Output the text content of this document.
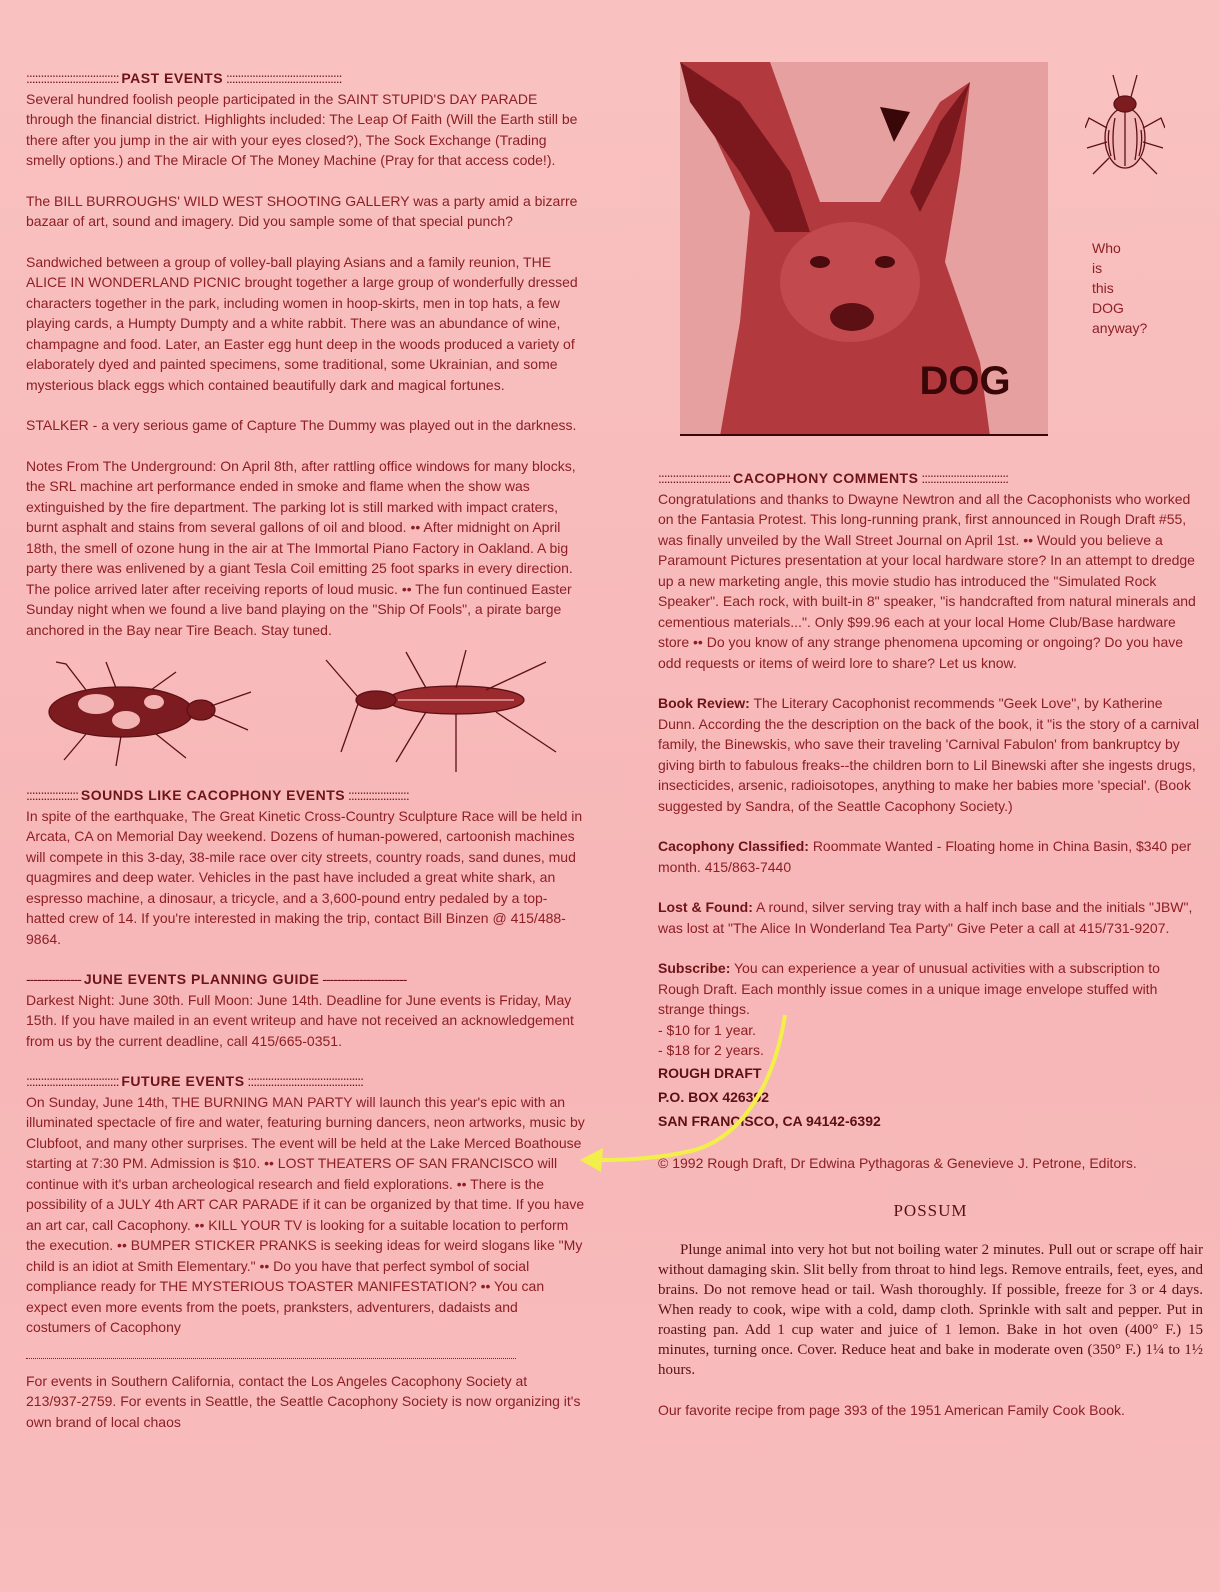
:::::::::::::::::::::::::::::::: PAST EVENTS ::::::::::::::::::::::::::::::::::::::::

Several hundred foolish people participated in the SAINT STUPID'S DAY PARADE through the financial district. Highlights included: The Leap Of Faith (Will the Earth still be there after you jump in the air with your eyes closed?), The Sock Exchange (Trading smelly options.) and The Miracle Of The Money Machine (Pray for that access code!).

The BILL BURROUGHS' WILD WEST SHOOTING GALLERY was a party amid a bizarre bazaar of art, sound and imagery. Did you sample some of that special punch?

Sandwiched between a group of volley-ball playing Asians and a family reunion, THE ALICE IN WONDERLAND PICNIC brought together a large group of wonderfully dressed characters together in the park, including women in hoop-skirts, men in top hats, a few playing cards, a Humpty Dumpty and a white rabbit. There was an abundance of wine, champagne and food. Later, an Easter egg hunt deep in the woods produced a variety of elaborately dyed and painted specimens, some traditional, some Ukrainian, and some mysterious black eggs which contained beautifully dark and magical fortunes.

STALKER - a very serious game of Capture The Dummy was played out in the darkness.

Notes From The Underground: On April 8th, after rattling office windows for many blocks, the SRL machine art performance ended in smoke and flame when the show was extinguished by the fire department. The parking lot is still marked with impact craters, burnt asphalt and stains from several gallons of oil and blood. •• After midnight on April 18th, the smell of ozone hung in the air at The Immortal Piano Factory in Oakland. A big party there was enlivened by a giant Tesla Coil emitting 25 foot sparks in every direction. The police arrived later after receiving reports of loud music. •• The fun continued Easter Sunday night when we found a live band playing on the "Ship Of Fools", a pirate barge anchored in the Bay near Tire Beach. Stay tuned.

:::::::::::::::::: SOUNDS LIKE CACOPHONY EVENTS :::::::::::::::::::::

In spite of the earthquake, The Great Kinetic Cross-Country Sculpture Race will be held in Arcata, CA on Memorial Day weekend. Dozens of human-powered, cartoonish machines will compete in this 3-day, 38-mile race over city streets, country roads, sand dunes, mud quagmires and deep water. Vehicles in the past have included a great white shark, an espresso machine, a dinosaur, a tricycle, and a 3,600-pound entry pedaled by a top-hatted crew of 14. If you're interested in making the trip, contact Bill Binzen @ 415/488-9864.

--------------- JUNE EVENTS PLANNING GUIDE -----------------------

Darkest Night: June 30th. Full Moon: June 14th. Deadline for June events is Friday, May 15th. If you have mailed in an event writeup and have not received an acknowledgement from us by the current deadline, call 415/665-0351.

:::::::::::::::::::::::::::::::: FUTURE EVENTS ::::::::::::::::::::::::::::::::::::::::

On Sunday, June 14th, THE BURNING MAN PARTY will launch this year's epic with an illuminated spectacle of fire and water, featuring burning dancers, neon artworks, music by Clubfoot, and many other surprises. The event will be held at the Lake Merced Boathouse starting at 7:30 PM. Admission is $10. •• LOST THEATERS OF SAN FRANCISCO will continue with it's urban archeological research and field explorations. •• There is the possibility of a JULY 4th ART CAR PARADE if it can be organized by that time. If you have an art car, call Cacophony. •• KILL YOUR TV is looking for a suitable location to perform the execution. •• BUMPER STICKER PRANKS is seeking ideas for weird slogans like "My child is an idiot at Smith Elementary." •• Do you have that perfect symbol of social compliance ready for THE MYSTERIOUS TOASTER MANIFESTATION? •• You can expect even more events from the poets, pranksters, adventurers, dadaists and costumers of Cacophony

For events in Southern California, contact the Los Angeles Cacophony Society at 213/937-2759. For events in Seattle, the Seattle Cacophony Society is now organizing it's own brand of local chaos

DOG
Who
is
this
DOG
anyway?
::::::::::::::::::::::::: CACOPHONY COMMENTS ::::::::::::::::::::::::::::::

Congratulations and thanks to Dwayne Newtron and all the Cacophonists who worked on the Fantasia Protest. This long-running prank, first announced in Rough Draft #55, was finally unveiled by the Wall Street Journal on April 1st. •• Would you believe a Paramount Pictures presentation at your local hardware store? In an attempt to dredge up a new marketing angle, this movie studio has introduced the "Simulated Rock Speaker". Each rock, with built-in 8" speaker, "is handcrafted from natural minerals and cementious materials...". Only $99.96 each at your local Home Club/Base hardware store •• Do you know of any strange phenomena upcoming or ongoing? Do you have odd requests or items of weird lore to share? Let us know.

Book Review: The Literary Cacophonist recommends "Geek Love", by Katherine Dunn. According the the description on the back of the book, it "is the story of a carnival family, the Binewskis, who save their traveling 'Carnival Fabulon' from bankruptcy by giving birth to fabulous freaks--the children born to Lil Binewski after she ingests drugs, insecticides, arsenic, radioisotopes, anything to make her babies more 'special'. (Book suggested by Sandra, of the Seattle Cacophony Society.)

Cacophony Classified: Roommate Wanted - Floating home in China Basin, $340 per month. 415/863-7440

Lost & Found: A round, silver serving tray with a half inch base and the initials "JBW", was lost at "The Alice In Wonderland Tea Party" Give Peter a call at 415/731-9207.

Subscribe: You can experience a year of unusual activities with a subscription to Rough Draft. Each monthly issue comes in a unique image envelope stuffed with strange things.

- $10 for 1 year.

- $18 for 2 years.

ROUGH DRAFT

P.O. BOX 426392

SAN FRANCISCO, CA 94142-6392

© 1992 Rough Draft, Dr Edwina Pythagoras & Genevieve J. Petrone, Editors.

POSSUM

Plunge animal into very hot but not boiling water 2 minutes. Pull out or scrape off hair without damaging skin. Slit belly from throat to hind legs. Remove entrails, feet, eyes, and brains. Do not remove head or tail. Wash thoroughly. If possible, freeze for 3 or 4 days. When ready to cook, wipe with a cold, damp cloth. Sprinkle with salt and pepper. Put in roasting pan. Add 1 cup water and juice of 1 lemon. Bake in hot oven (400° F.) 15 minutes, turning once. Cover. Reduce heat and bake in moderate oven (350° F.) 1¼ to 1½ hours.

Our favorite recipe from page 393 of the 1951 American Family Cook Book.
